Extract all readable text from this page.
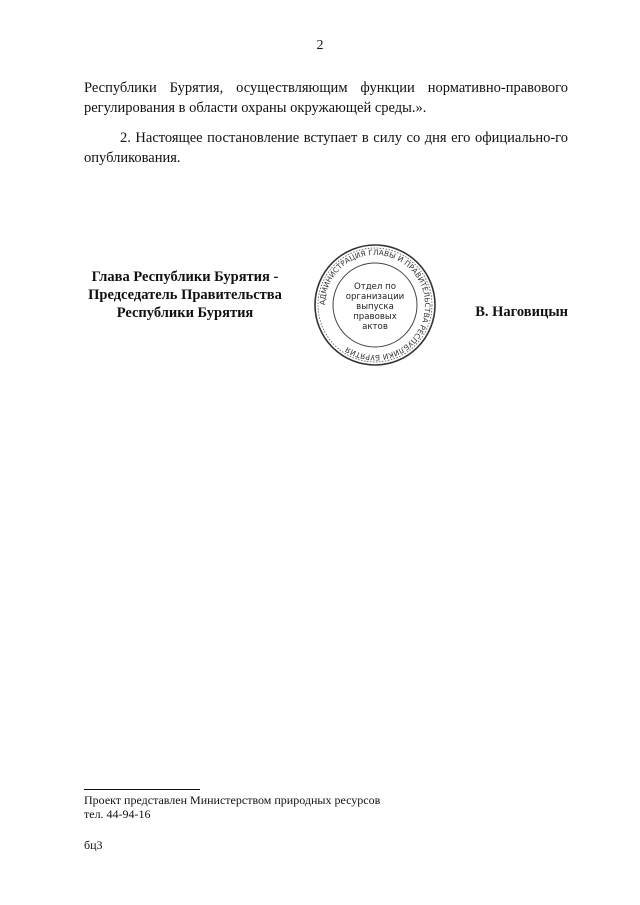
2
Республики Бурятия, осуществляющим функции нормативно-правового регулирования в области охраны окружающей среды.».
2. Настоящее постановление вступает в силу со дня его официально-го опубликования.
Глава Республики Бурятия -
Председатель Правительства
Республики Бурятия
АДМИНИСТРАЦИЯ ГЛАВЫ И ПРАВИТЕЛЬСТВА РЕСПУБЛИКИ БУРЯТИЯ
Отдел по
организации
выпуска
правовых
актов
В. Наговицын
Проект представлен Министерством природных ресурсов
тел. 44-94-16
бц3
